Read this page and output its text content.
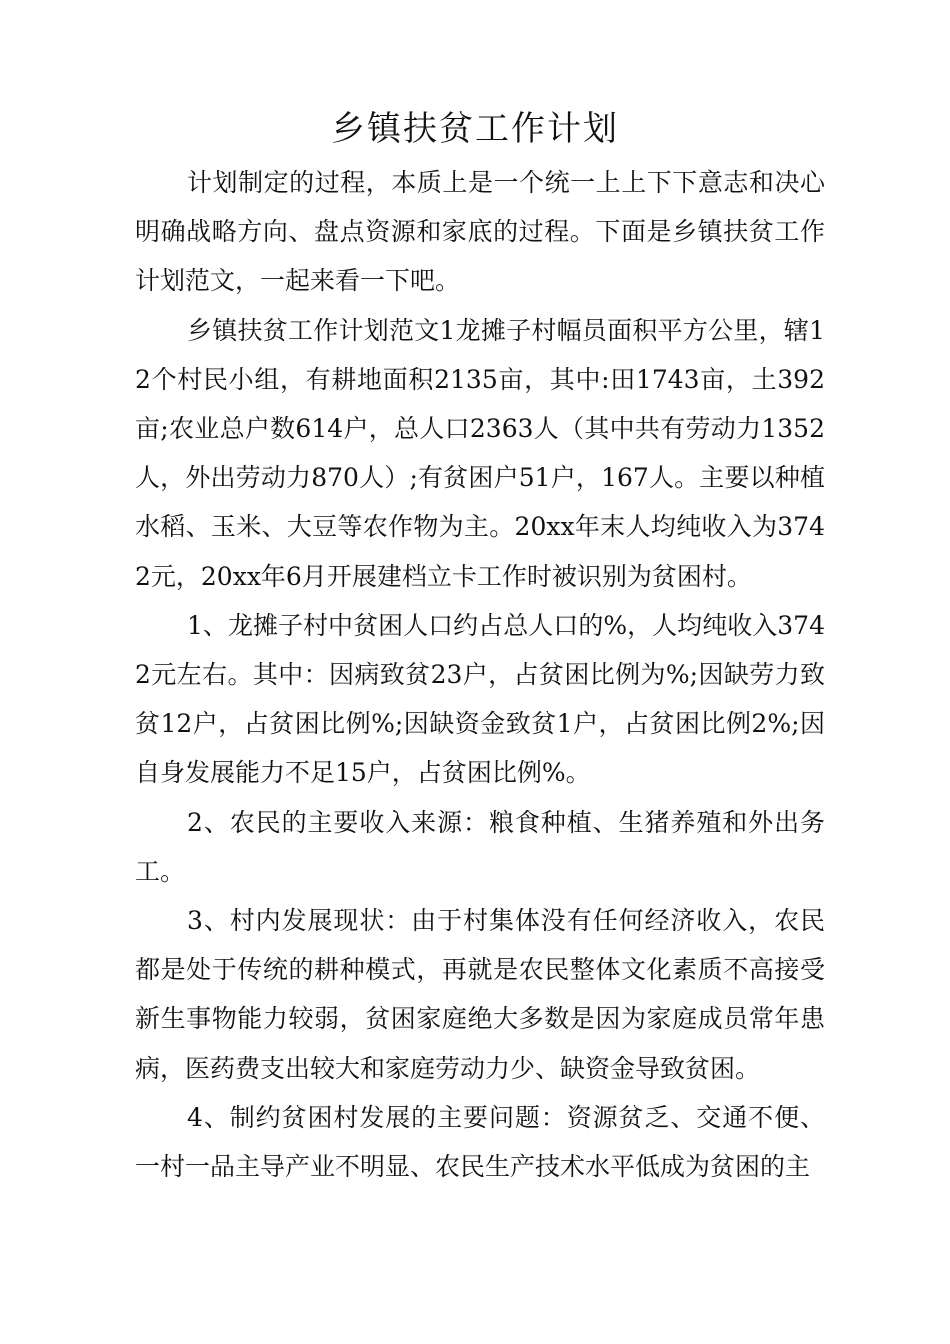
乡镇扶贫工作计划

计划制定的过程，本质上是一个统一上上下下意志和决心明确战略方向、盘点资源和家底的过程。下面是乡镇扶贫工作计划范文，一起来看一下吧。

乡镇扶贫工作计划范文1龙摊子村幅员面积平方公里，辖12个村民小组，有耕地面积2135亩，其中:田1743亩，土392亩;农业总户数614户，总人口2363人（其中共有劳动力1352人，外出劳动力870人）;有贫困户51户，167人。主要以种植水稻、玉米、大豆等农作物为主。20xx年末人均纯收入为3742元，20xx年6月开展建档立卡工作时被识别为贫困村。

1、龙摊子村中贫困人口约占总人口的%，人均纯收入3742元左右。其中：因病致贫23户，占贫困比例为%;因缺劳力致贫12户，占贫困比例%;因缺资金致贫1户，占贫困比例2%;因自身发展能力不足15户，占贫困比例%。

2、农民的主要收入来源：粮食种植、生猪养殖和外出务工。

3、村内发展现状：由于村集体没有任何经济收入，农民都是处于传统的耕种模式，再就是农民整体文化素质不高接受新生事物能力较弱，贫困家庭绝大多数是因为家庭成员常年患病，医药费支出较大和家庭劳动力少、缺资金导致贫困。

4、制约贫困村发展的主要问题：资源贫乏、交通不便、一村一品主导产业不明显、农民生产技术水平低成为贫困的主
